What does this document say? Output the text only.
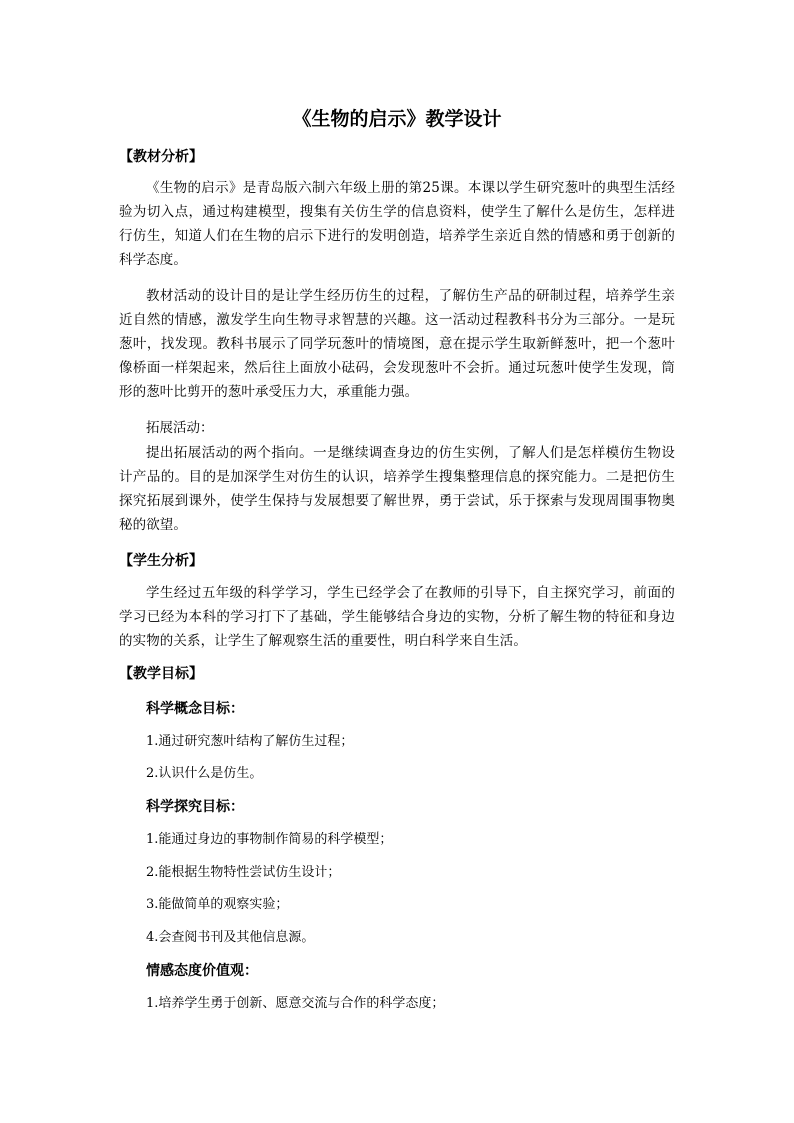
《生物的启示》教学设计
【教材分析】

《生物的启示》是青岛版六制六年级上册的第25课。本课以学生研究葱叶的典型生活经验为切入点，通过构建模型，搜集有关仿生学的信息资料，使学生了解什么是仿生，怎样进行仿生，知道人们在生物的启示下进行的发明创造，培养学生亲近自然的情感和勇于创新的科学态度。

教材活动的设计目的是让学生经历仿生的过程，了解仿生产品的研制过程，培养学生亲近自然的情感，激发学生向生物寻求智慧的兴趣。这一活动过程教科书分为三部分。一是玩葱叶，找发现。教科书展示了同学玩葱叶的情境图，意在提示学生取新鲜葱叶，把一个葱叶像桥面一样架起来，然后往上面放小砝码，会发现葱叶不会折。通过玩葱叶使学生发现，筒形的葱叶比剪开的葱叶承受压力大，承重能力强。

拓展活动：

提出拓展活动的两个指向。一是继续调查身边的仿生实例，了解人们是怎样模仿生物设计产品的。目的是加深学生对仿生的认识，培养学生搜集整理信息的探究能力。二是把仿生探究拓展到课外，使学生保持与发展想要了解世界，勇于尝试，乐于探索与发现周围事物奥秘的欲望。

【学生分析】

学生经过五年级的科学学习，学生已经学会了在教师的引导下，自主探究学习，前面的学习已经为本科的学习打下了基础，学生能够结合身边的实物，分析了解生物的特征和身边的实物的关系，让学生了解观察生活的重要性，明白科学来自生活。

【教学目标】
科学概念目标：
1.通过研究葱叶结构了解仿生过程；
2.认识什么是仿生。
科学探究目标：
1.能通过身边的事物制作简易的科学模型；
2.能根据生物特性尝试仿生设计；
3.能做简单的观察实验；
4.会查阅书刊及其他信息源。
情感态度价值观：
1.培养学生勇于创新、愿意交流与合作的科学态度；
